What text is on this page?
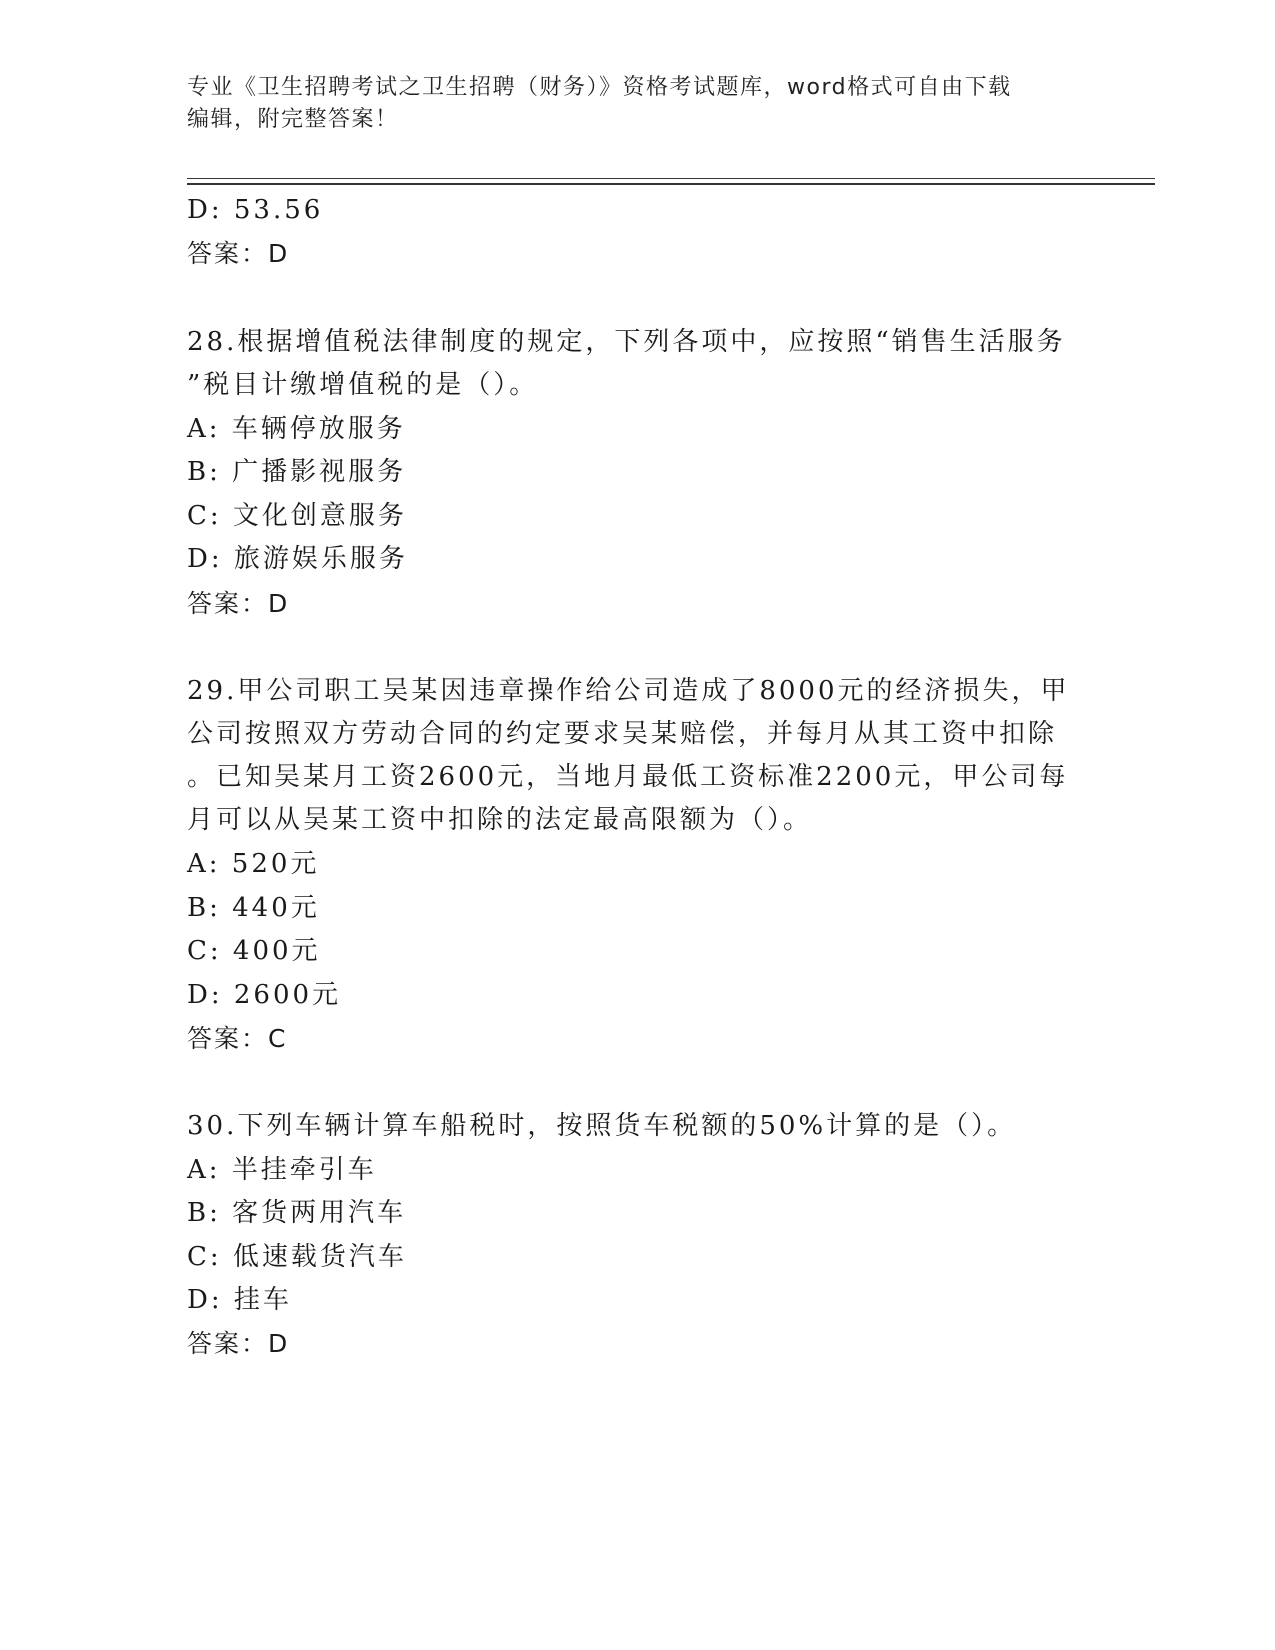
专业《卫生招聘考试之卫生招聘（财务）》资格考试题库，word格式可自由下载
编辑，附完整答案！
D: 53.56
答案：D
28.根据增值税法律制度的规定，下列各项中，应按照“销售生活服务
”税目计缴增值税的是（）。
A: 车辆停放服务
B: 广播影视服务
C: 文化创意服务
D: 旅游娱乐服务
答案：D
29.甲公司职工吴某因违章操作给公司造成了8000元的经济损失，甲
公司按照双方劳动合同的约定要求吴某赔偿，并每月从其工资中扣除
。已知吴某月工资2600元，当地月最低工资标准2200元，甲公司每
月可以从吴某工资中扣除的法定最高限额为（）。
A: 520元
B: 440元
C: 400元
D: 2600元
答案：C
30.下列车辆计算车船税时，按照货车税额的50%计算的是（）。
A: 半挂牵引车
B: 客货两用汽车
C: 低速载货汽车
D: 挂车
答案：D
